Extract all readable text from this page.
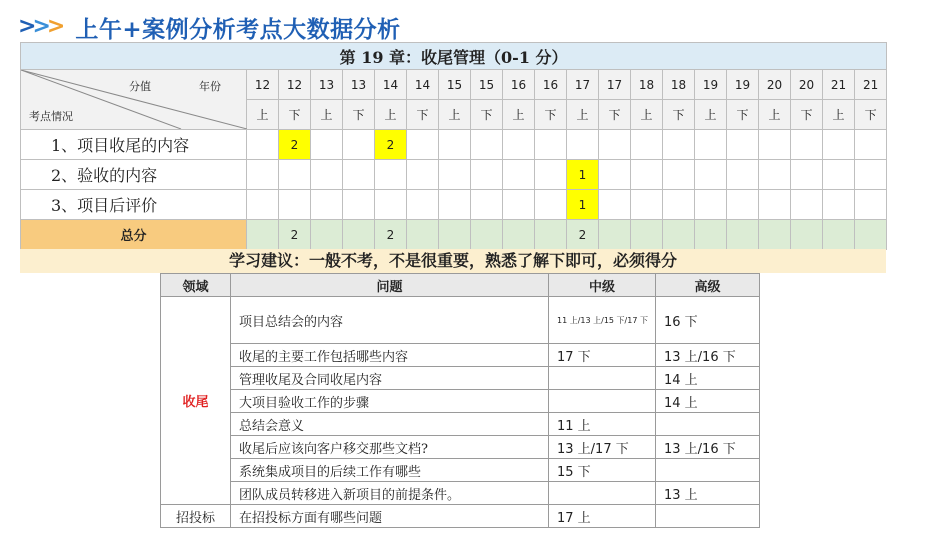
>
>
> 上午+案例分析考点大数据分析
第 19 章：收尾管理（0-1 分）																				

分值 年份
考点情况	12	12	13	13	14	14	15	15	16	16	17	17	18	18	19	19	20	20	21	21
	上	下	上	下	上	下	上	下	上	下	上	下	上	下	上	下	上	下	上	下
1、项目收尾的内容		2			2															
2、验收的内容											1									
3、项目后评价											1									
总分		2			2						2									
学习建议：一般不考，不是很重要，熟悉了解下即可，必须得分
领域	问题	中级	高级
收尾	项目总结会的内容	11 上/13 上/15 下/17 下	16 下
	收尾的主要工作包括哪些内容	17 下	13 上/16 下
	管理收尾及合同收尾内容		14 上
	大项目验收工作的步骤		14 上
	总结会意义	11 上	
	收尾后应该向客户移交那些文档?	13 上/17 下	13 上/16 下
	系统集成项目的后续工作有哪些	15 下	
	团队成员转移进入新项目的前提条件。		13 上
招投标	在招投标方面有哪些问题	17 上	
